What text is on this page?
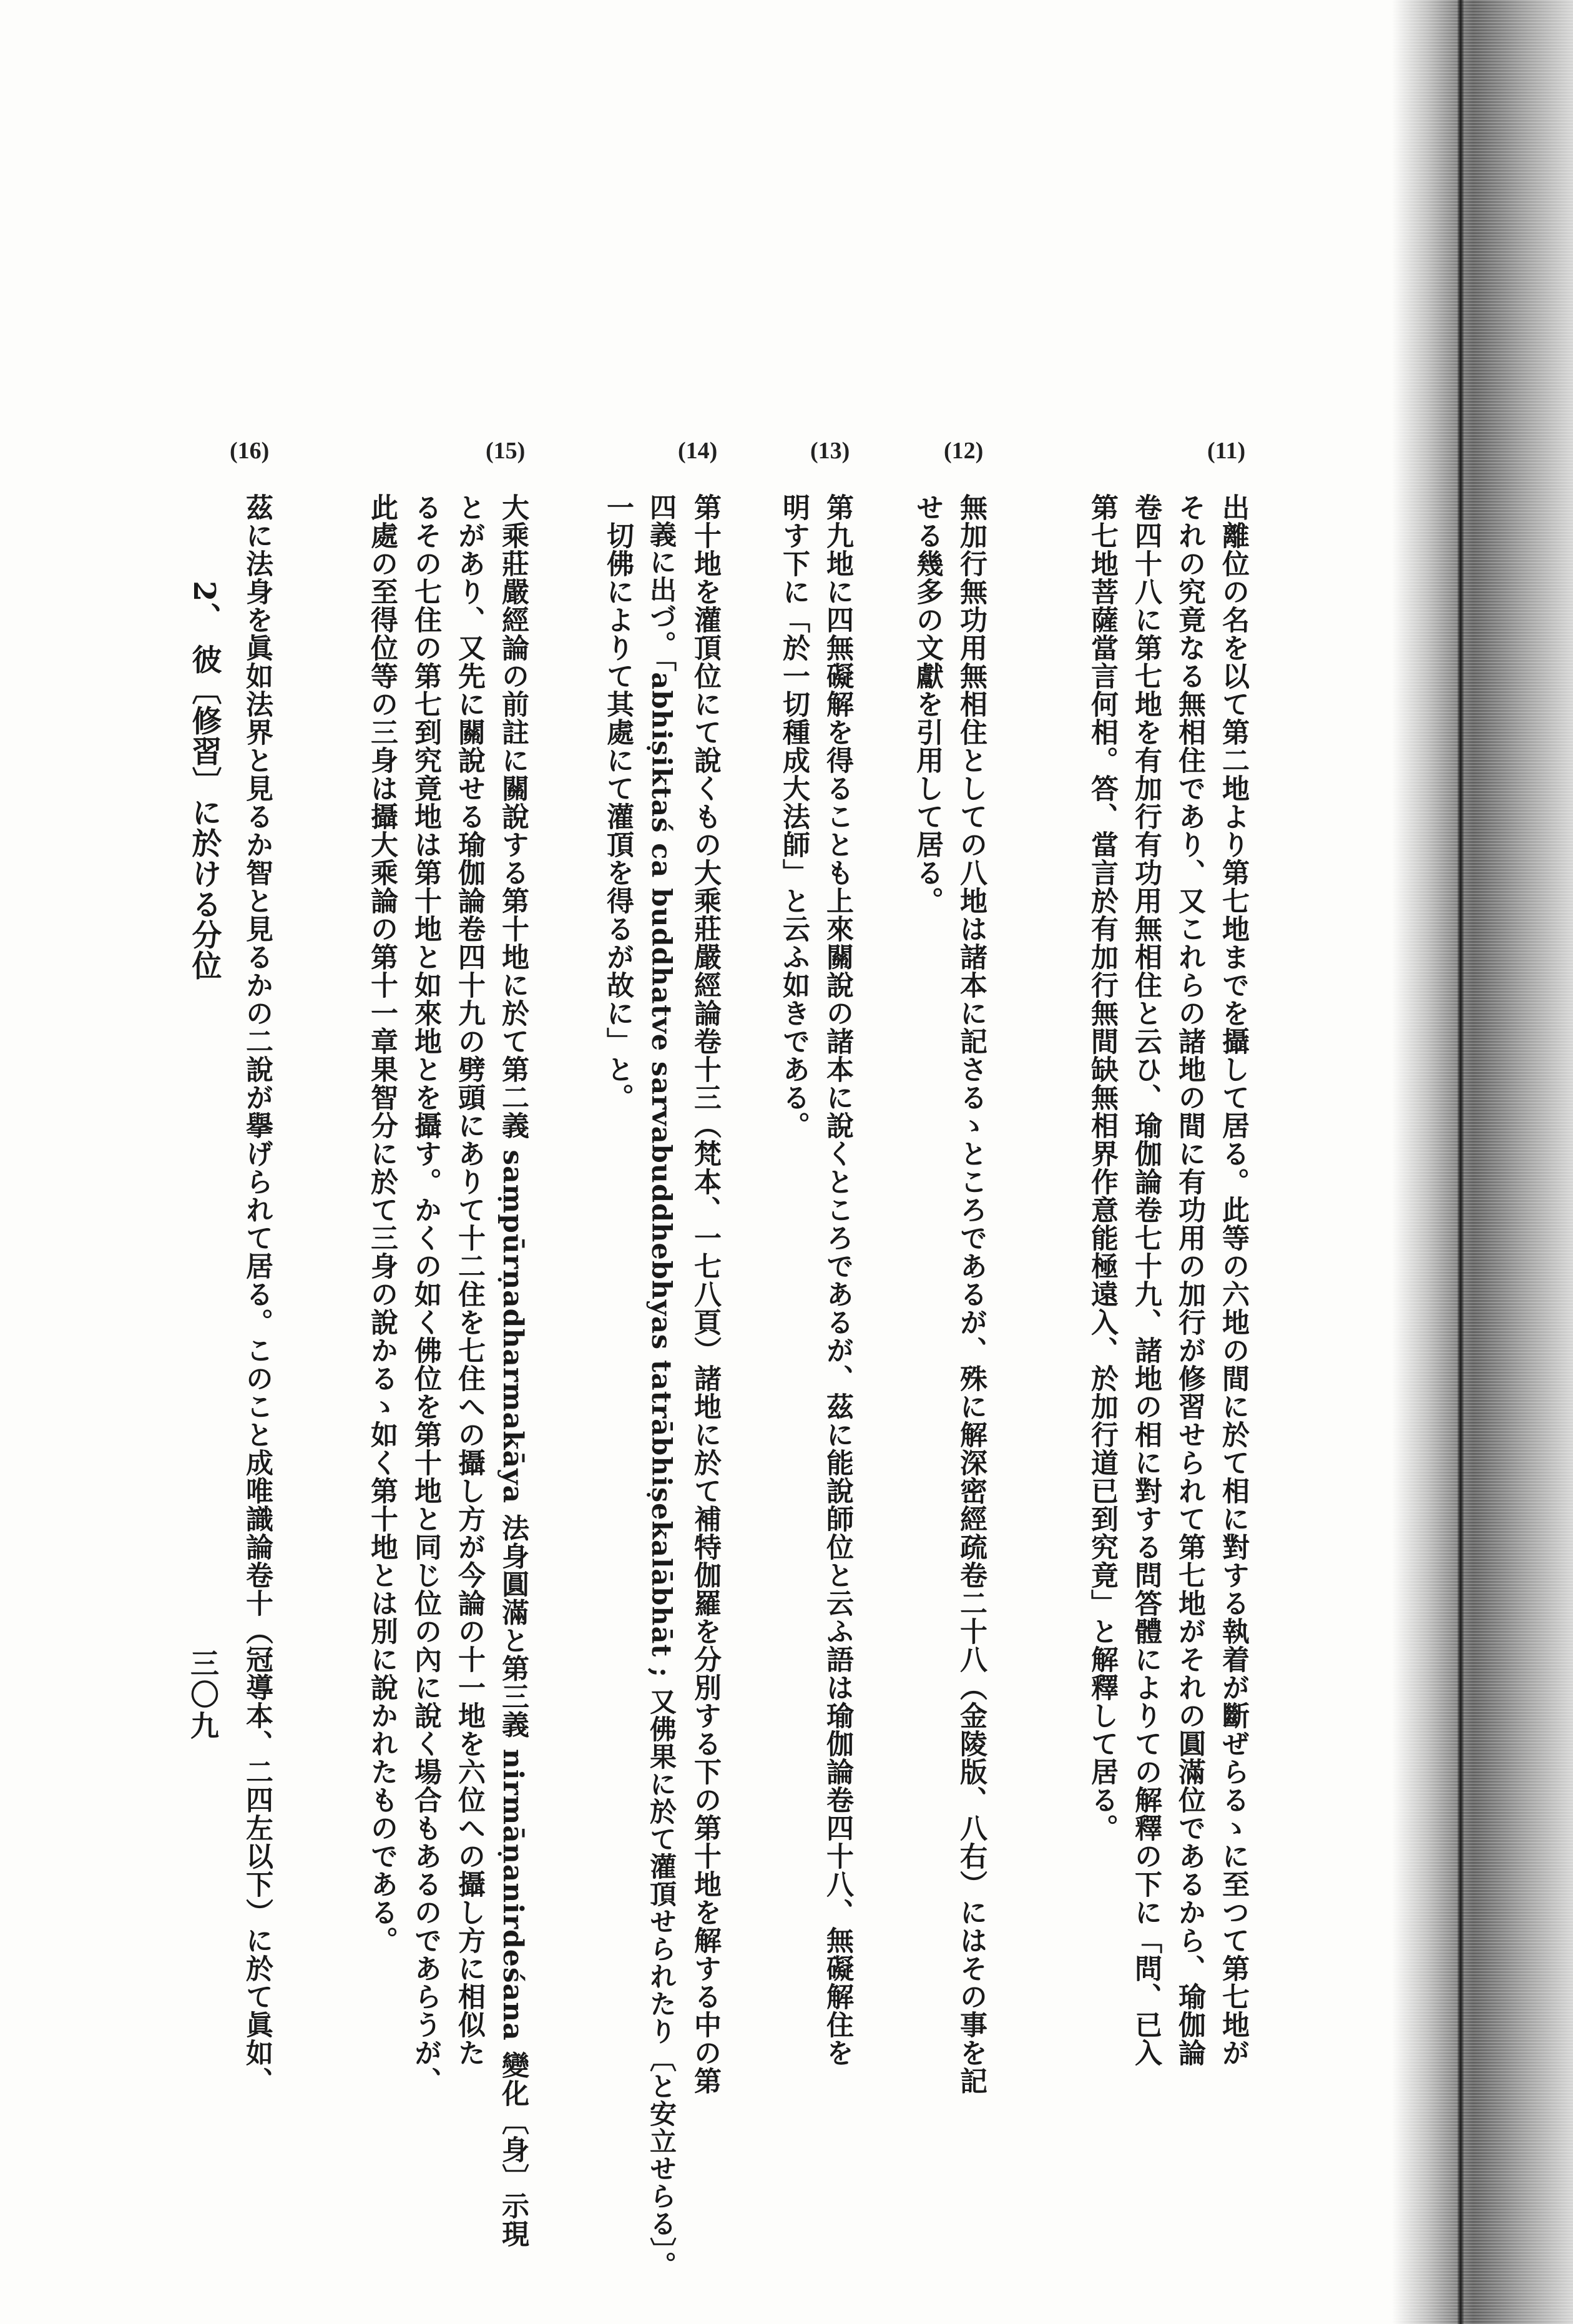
(11)
出離位の名を以て第二地より第七地までを攝して居る。此等の六地の間に於て相に對する執着が斷ぜらるゝに至つて第七地が
それの究竟なる無相住であり、又これらの諸地の間に有功用の加行が修習せられて第七地がそれの圓滿位であるから、瑜伽論
卷四十八に第七地を有加行有功用無相住と云ひ、瑜伽論卷七十九、諸地の相に對する問答體によりての解釋の下に「問、已入
(12)
第七地菩薩當言何相。答、當言於有加行無間缺無相界作意能極遠入、於加行道已到究竟」と解釋して居る。
無加行無功用無相住としての八地は諸本に記さるゝところであるが、殊に解深密經疏卷二十八（金陵版、八右）にはその事を記
せる幾多の文獻を引用して居る。
(13)
第九地に四無礙解を得ることも上來關說の諸本に說くところであるが、茲に能說師位と云ふ語は瑜伽論卷四十八、無礙解住を
明す下に「於一切種成大法師」と云ふ如きである。
(14)
第十地を灌頂位にて說くもの大乘莊嚴經論卷十三（梵本、一七八頁）諸地に於て補特伽羅を分別する下の第十地を解する中の第
四義に出づ。「abhiṣiktaś ca buddhatve sarvabuddhebhyas tatrābhiṣekalābhāt ; 又佛果に於て灌頂せられたり〔と安立せらる〕。
一切佛によりて其處にて灌頂を得るが故に」と。
(15)
大乘莊嚴經論の前註に關說する第十地に於て第二義 saṃpūrṇadharmakāya 法身圓滿と第三義 nirmāṇanirdeśana 變化〔身〕示現
とがあり、又先に關說せる瑜伽論卷四十九の劈頭にありて十二住を七住への攝し方が今論の十一地を六位への攝し方に相似た
るその七住の第七到究竟地は第十地と如來地とを攝す。かくの如く佛位を第十地と同じ位の內に說く場合もあるのであらうが、
此處の至得位等の三身は攝大乘論の第十一章果智分に於て三身の說かるゝ如く第十地とは別に說かれたものである。
(16)
茲に法身を眞如法界と見るか智と見るかの二說が擧げられて居る。このこと成唯識論卷十（冠導本、二四左以下）に於て眞如、
2、 彼〔修習〕に於ける分位
三〇九
